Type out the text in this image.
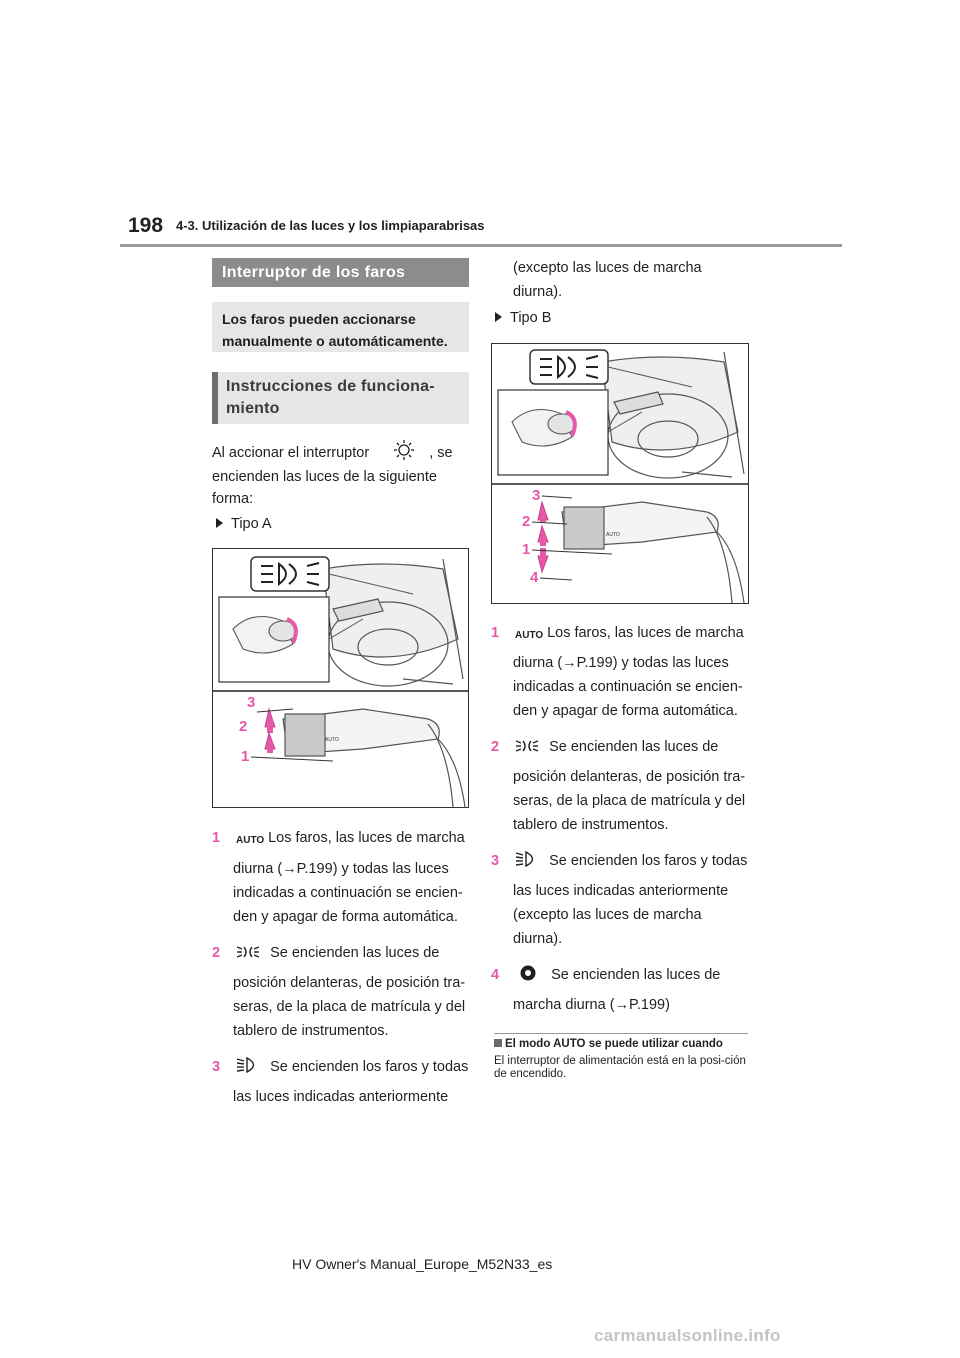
198 4-3. Utilización de las luces y los limpiaparabrisas
Interruptor de los faros
Los faros pueden accionarse manualmente o automáticamente.
Instrucciones de funciona-miento
Al accionar el interruptor	, se
encienden las luces de la siguiente
forma:
Tipo A
AUTO
3
2
1
1 AUTO Los faros, las luces de marcha
diurna (→P.199) y todas las luces
indicadas a continuación se encien-
den y apagar de forma automática.
2	Se encienden las luces de
posición delanteras, de posición tra-
seras, de la placa de matrícula y del
tablero de instrumentos.
3	Se encienden los faros y todas
las luces indicadas anteriormente
(excepto las luces de marcha
diurna).
Tipo B
AUTO
3
2
1
4
1 AUTO Los faros, las luces de marcha
diurna (→P.199) y todas las luces
indicadas a continuación se encien-
den y apagar de forma automática.
2	Se encienden las luces de
posición delanteras, de posición tra-
seras, de la placa de matrícula y del
tablero de instrumentos.
3	Se encienden los faros y todas
las luces indicadas anteriormente
(excepto las luces de marcha
diurna).
4	Se encienden las luces de
marcha diurna (→P.199)
El modo AUTO se puede utilizar cuando
El interruptor de alimentación está en la posi-ción de encendido.
HV Owner's Manual_Europe_M52N33_es
carmanualsonline.info
